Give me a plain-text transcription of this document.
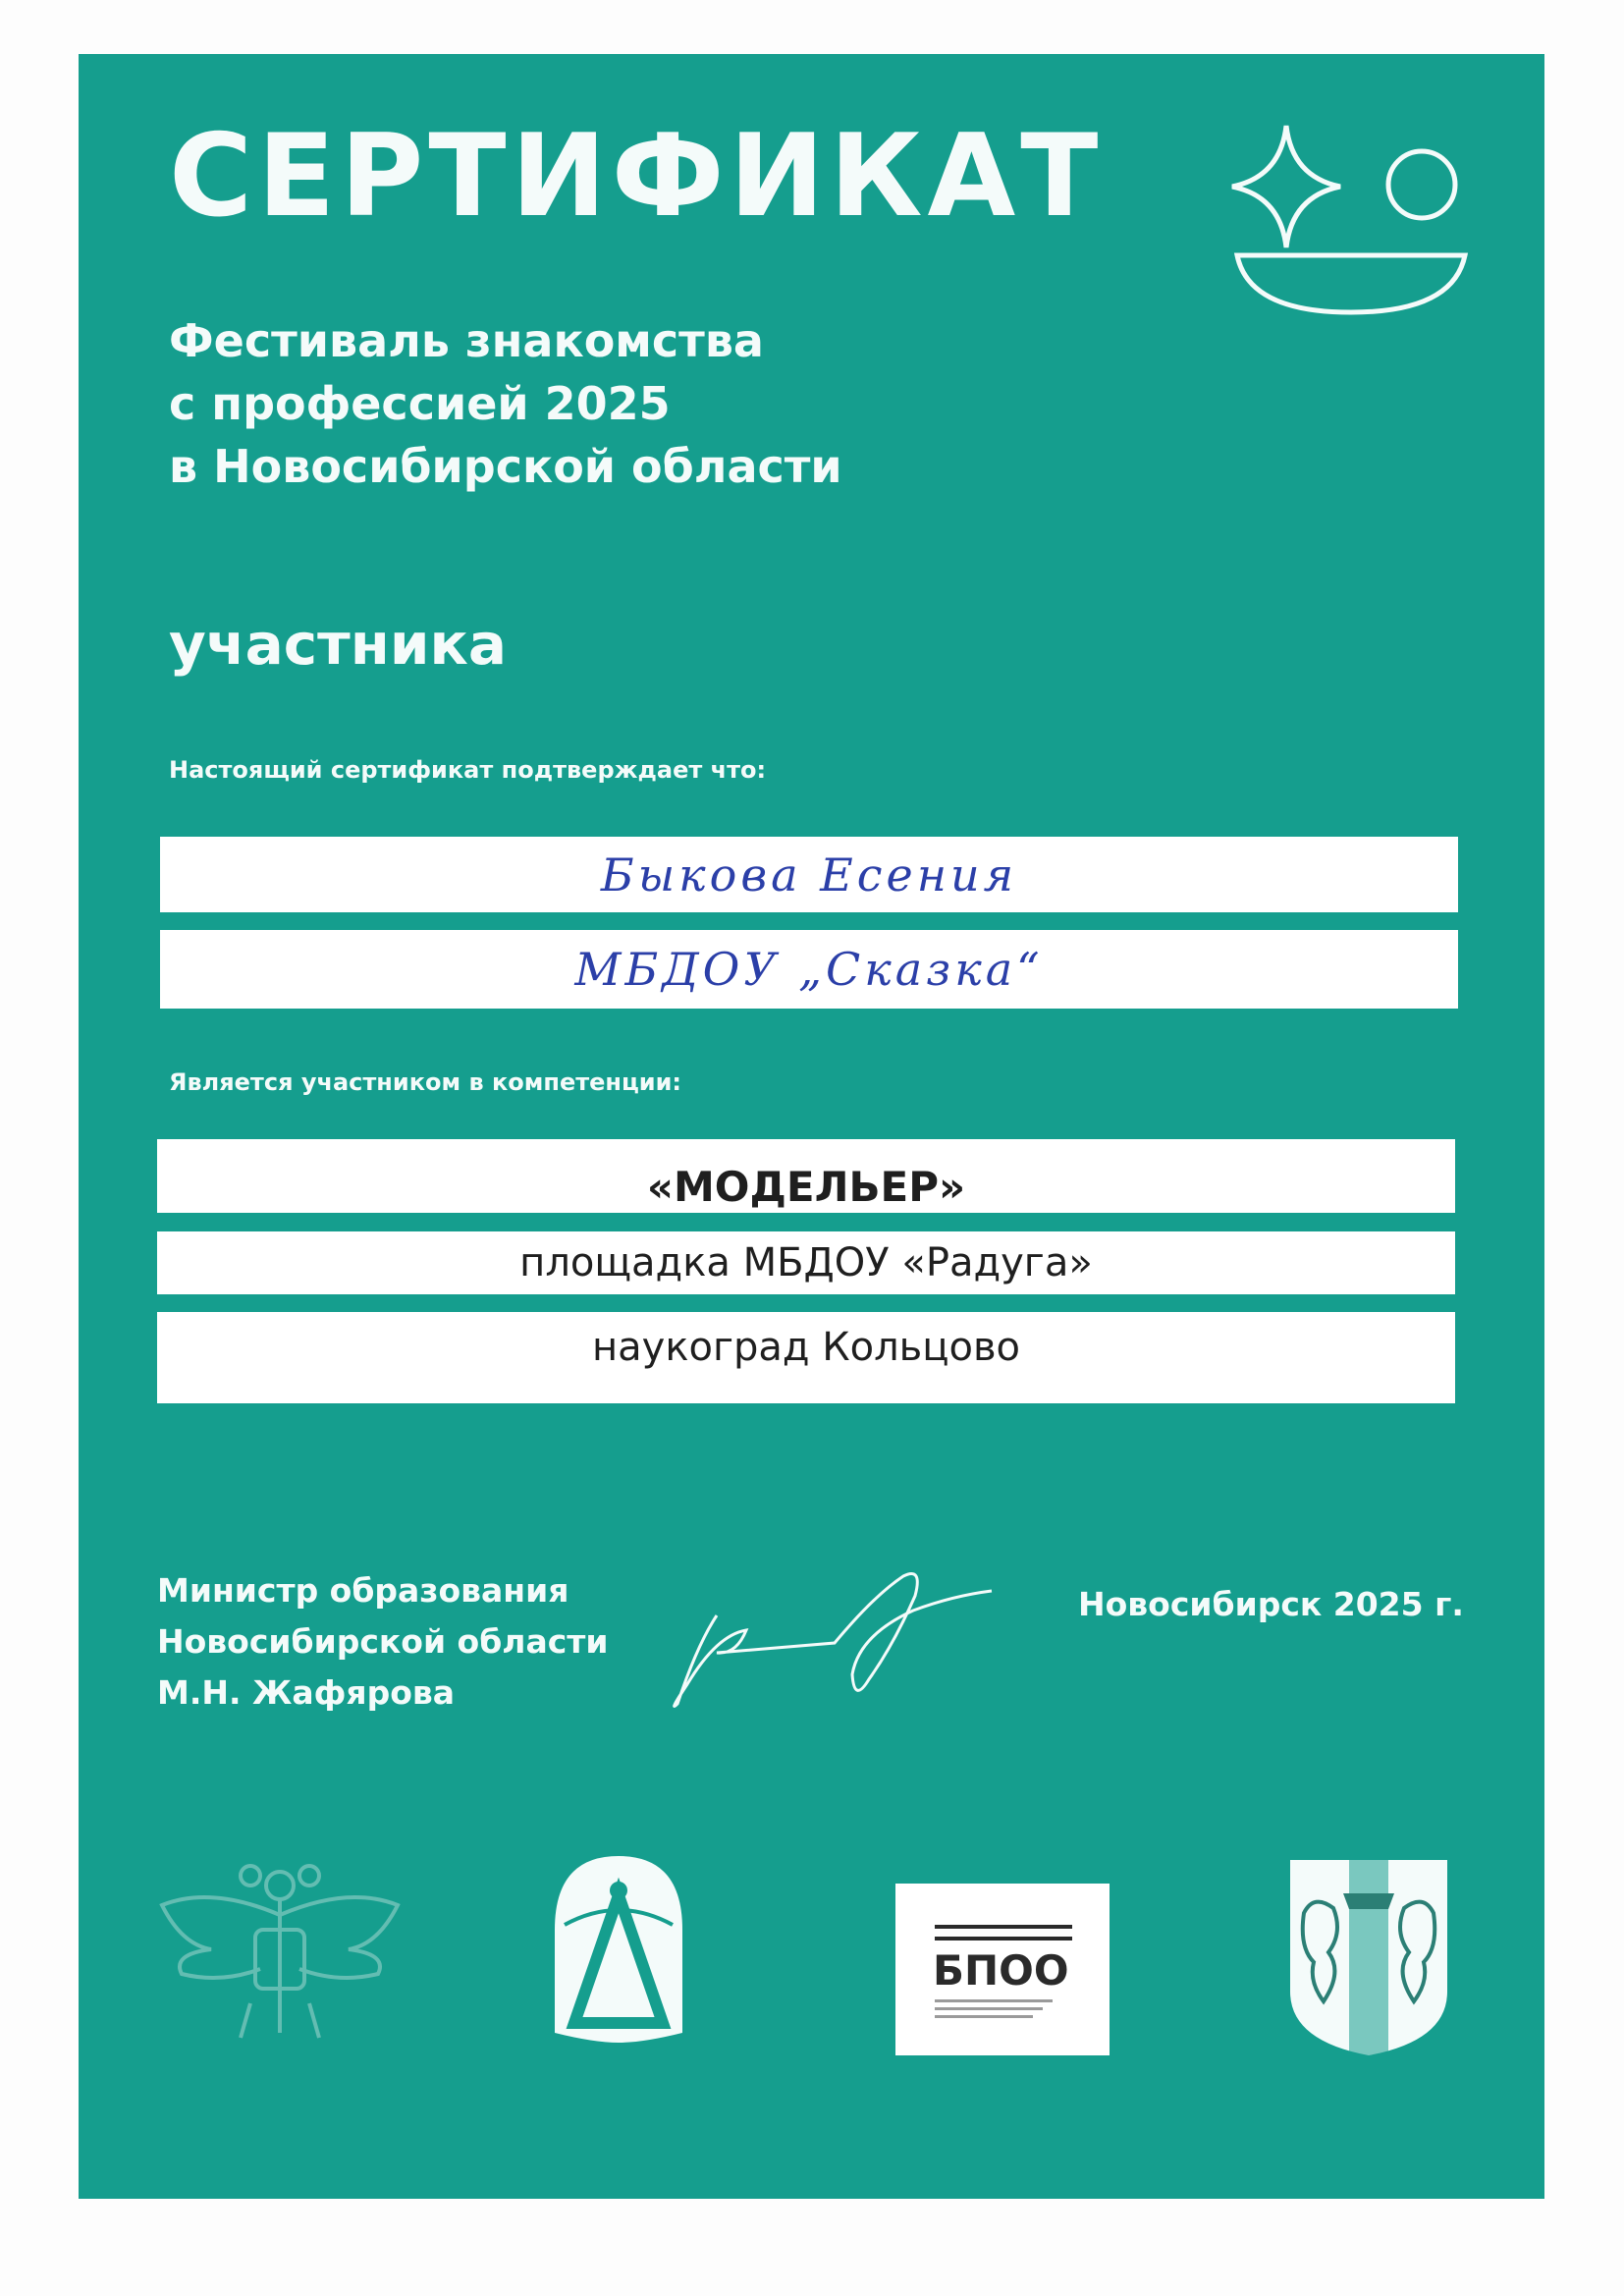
СЕРТИФИКАТ
Фестиваль знакомства
с профессией 2025
в Новосибирской области
участника
Настоящий сертификат подтверждает что:
Быкова Есения
МБДОУ „Сказка“
Является участником в компетенции:
«МОДЕЛЬЕР»
площадка МБДОУ «Радуга»
наукоград Кольцово
Министр образования
Новосибирской области
М.Н. Жафярова
Новосибирск 2025 г.
БПОО
